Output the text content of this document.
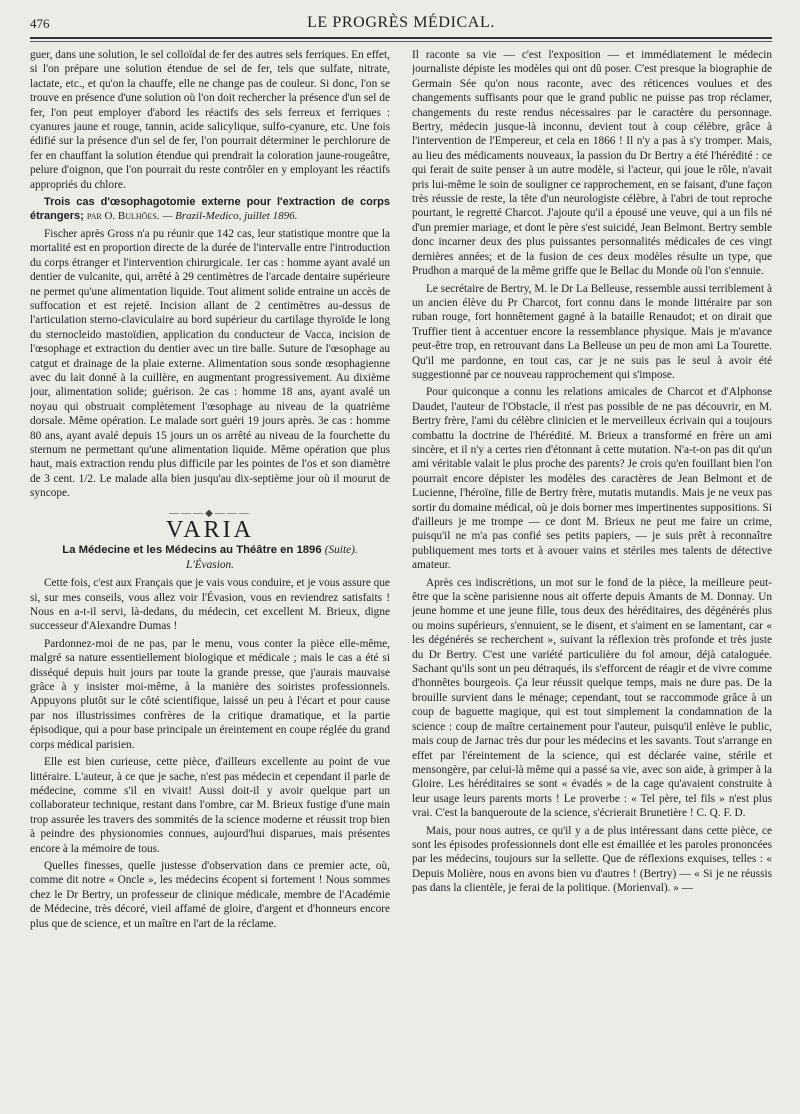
476	LE PROGRÈS MÉDICAL.

guer, dans une solution, le sel colloïdal de fer des autres sels ferriques. En effet, si l'on prépare une solution étendue de sel de fer, tels que sulfate, nitrate, lactate, etc., et qu'on la chauffe, elle ne change pas de couleur. Si donc, l'on se trouve en présence d'une solution où l'on doit rechercher la présence d'un sel de fer, l'on peut employer d'abord les réactifs des sels ferreux et ferriques : cyanures jaune et rouge, tannin, acide salicylique, sulfo-cyanure, etc. Une fois édifié sur la présence d'un sel de fer, l'on pourrait déterminer le perchlorure de fer en chauffant la solution étendue qui prendrait la coloration jaune-rougeâtre, pelure d'oignon, que l'on pourrait du reste contrôler en y employant les réactifs appropriés du chlore.

Trois cas d'œsophagotomie externe pour l'extraction de corps étrangers; par O. Bulhões. — Brazil-Medico, juillet 1896.

Fischer après Gross n'a pu réunir que 142 cas, leur statistique montre que la mortalité est en proportion directe de la durée de l'intervalle entre l'introduction du corps étranger et l'intervention chirurgicale. 1er cas : homme ayant avalé un dentier de vulcanite, qui, arrêté à 29 centimètres de l'arcade dentaire supérieure ne permet qu'une alimentation liquide. Tout aliment solide entraine un accès de suffocation et est rejeté. Incision allant de 2 centimètres au-dessus de l'articulation sterno-claviculaire au bord supérieur du cartilage thyroïde le long du sternocleido mastoïdien, application du conducteur de Vacca, incision de l'œsophage et extraction du dentier avec un tire balle. Suture de l'œsophage au catgut et drainage de la plaie externe. Alimentation sous sonde œsophagienne avec du lait donné à la cuillère, en augmentant progressivement. Au dixième jour, alimentation solide; guérison. 2e cas : homme 18 ans, ayant avalé un noyau qui obstruait complètement l'œsophage au niveau de la quatrième dorsale. Même opération. Le malade sort guéri 19 jours après. 3e cas : homme 80 ans, ayant avalé depuis 15 jours un os arrêté au niveau de la fourchette du sternum ne permettant qu'une alimentation liquide. Même opération que plus haut, mais extraction rendu plus difficile par les pointes de l'os et son diamètre de 3 cent. 1/2. Le malade alla bien jusqu'au dix-septième jour où il mourut de syncope.

———◆———
VARIA
La Médecine et les Médecins au Théâtre en 1896 (Suite).
L'Évasion.

Cette fois, c'est aux Français que je vais vous conduire, et je vous assure que si, sur mes conseils, vous allez voir l'Évasion, vous en reviendrez satisfaits ! Nous en a-t-il servi, là-dedans, du médecin, cet excellent M. Brieux, digne successeur d'Alexandre Dumas !

Pardonnez-moi de ne pas, par le menu, vous conter la pièce elle-même, malgré sa nature essentiellement biologique et médicale ; mais le cas a été si disséqué depuis huit jours par toute la grande presse, que j'aurais mauvaise grâce à y insister moi-même, à la manière des soiristes professionnels. Appuyons plutôt sur le côté scientifique, laissé un peu à l'écart et pour cause par nos illustrissimes confrères de la critique dramatique, et la partie épisodique, qui a pour base principale un éreintement en coupe réglée du grand corps médical parisien.

Elle est bien curieuse, cette pièce, d'ailleurs excellente au point de vue littéraire. L'auteur, à ce que je sache, n'est pas médecin et cependant il parle de médecine, comme s'il en vivait! Aussi doit-il y avoir quelque part un collaborateur technique, restant dans l'ombre, car M. Brieux fustige d'une main trop assurée les travers des sommités de la science moderne et réussit trop bien à peindre des physionomies connues, aujourd'hui disparues, mais présentes encore à la mémoire de tous.

Quelles finesses, quelle justesse d'observation dans ce premier acte, où, comme dit notre « Oncle », les médecins écopent si fortement ! Nous sommes chez le Dr Bertry, un professeur de clinique médicale, membre de l'Académie de Médecine, très décoré, vieil affamé de gloire, d'argent et d'honneurs encore plus que de science, et un maître en l'art de la réclame.

Il raconte sa vie — c'est l'exposition — et immédiatement le médecin journaliste dépiste les modèles qui ont dû poser. C'est presque la biographie de Germain Sée qu'on nous raconte, avec des réticences voulues et des changements suffisants pour que le grand public ne puisse pas trop réclamer, changements du reste rendus nécessaires par le caractère du personnage. Bertry, médecin jusque-là inconnu, devient tout à coup célèbre, grâce à l'intervention de l'Empereur, et cela en 1866 ! Il n'y a pas à s'y tromper. Mais, au lieu des médicaments nouveaux, la passion du Dr Bertry a été l'hérédité : ce qui ferait de suite penser à un autre modèle, si l'acteur, qui joue le rôle, n'avait pris lui-même le soin de souligner ce rapprochement, en se faisant, d'une façon très réussie de reste, la tête d'un neurologiste célèbre, à l'abri de tout reproche pourtant, le regretté Charcot. J'ajoute qu'il a épousé une veuve, qui a un fils né d'un premier mariage, et dont le père s'est suicidé, Jean Belmont. Bertry semble donc incarner deux des plus puissantes personnalités médicales de ces vingt dernières années; et de la fusion de ces deux modèles résulte un type, que Prudhon a marqué de la même griffe que le Bellac du Monde où l'on s'ennuie.

Le secrétaire de Bertry, M. le Dr La Belleuse, ressemble aussi terriblement à un ancien élève du Pr Charcot, fort connu dans le monde littéraire par son ruban rouge, fort honnêtement gagné à la bataille Renaudot; et on dirait que Truffier tient à accentuer encore la ressemblance physique. Mais je m'avance peut-être trop, en retrouvant dans La Belleuse un peu de mon ami La Tourette. Qu'il me pardonne, en tout cas, car je ne suis pas le seul à avoir été suggestionné par ce nouveau rapprochement qui s'impose.

Pour quiconque a connu les relations amicales de Charcot et d'Alphonse Daudet, l'auteur de l'Obstacle, il n'est pas possible de ne pas découvrir, en M. Bertry frère, l'ami du célèbre clinicien et le merveilleux écrivain qui a toujours combattu la doctrine de l'hérédité. M. Brieux a transformé en frère un ami sincère, et il n'y a certes rien d'étonnant à cette mutation. N'a-t-on pas dit qu'un ami véritable valait le plus proche des parents? Je crois qu'en fouillant bien l'on pourrait encore dépister les modèles des caractères de Jean Belmont et de Lucienne, l'héroïne, fille de Bertry frère, mutatis mutandis. Mais je ne veux pas sortir du domaine médical, où je dois borner mes impertinentes suppositions. Si d'ailleurs je me trompe — ce dont M. Brieux ne peut me faire un crime, puisqu'il ne m'a pas confié ses petits papiers, — je suis prêt à reconnaître publiquement mes torts et à avouer vains et stériles mes talents de détective amateur.

Après ces indiscrétions, un mot sur le fond de la pièce, la meilleure peut-être que la scène parisienne nous ait offerte depuis Amants de M. Donnay. Un jeune homme et une jeune fille, tous deux des héréditaires, des dégénérés plus ou moins supérieurs, s'ennuient, se le disent, et s'aiment en se lamentant, car « les dégénérés se recherchent », suivant la réflexion très profonde et très juste du Dr Bertry. C'est une variété particulière du fol amour, déjà cataloguée. Sachant qu'ils sont un peu détraqués, ils s'efforcent de réagir et de vivre comme d'honnêtes bourgeois. Ça leur réussit quelque temps, mais ne dure pas. De la brouille survient dans le ménage; cependant, tout se raccommode grâce à un coup de baguette magique, qui est tout simplement la condamnation de la science : coup de maître certainement pour l'auteur, puisqu'il enlève le public, mais coup de Jarnac très dur pour les médecins et les savants. Tout s'arrange en effet par l'éreintement de la science, qui est déclarée vaine, stérile et mensongère, par celui-là même qui a passé sa vie, avec son aide, à grimper à la Gloire. Les héréditaires se sont « évadés » de la cage qu'avaient construite à leur usage leurs parents morts ! Le proverbe : « Tel père, tel fils » n'est plus vrai. C'est la banqueroute de la science, s'écrierait Brunetière ! C. Q. F. D.

Mais, pour nous autres, ce qu'il y a de plus intéressant dans cette pièce, ce sont les épisodes professionnels dont elle est émaillée et les paroles prononcées par les médecins, toujours sur la sellette. Que de réflexions exquises, telles : « Depuis Molière, nous en avons bien vu d'autres ! (Bertry) — « Si je ne réussis pas dans la clientèle, je ferai de la politique. (Morienval). » —
